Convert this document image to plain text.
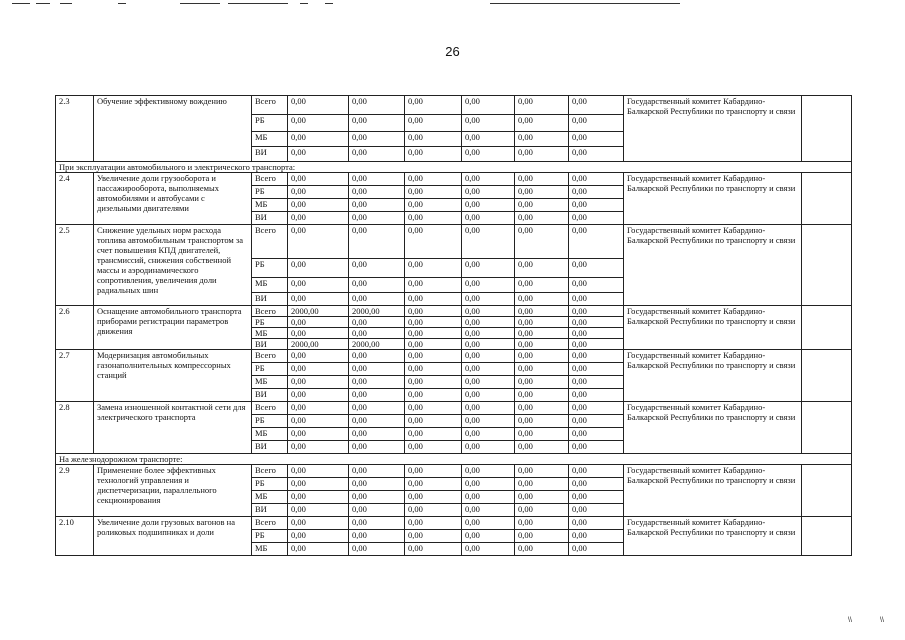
26
2.3	Обучение эффективному вождению	Всего	0,00	0,00	0,00	0,00	0,00	0,00	Государственный комитет Кабардино-Балкарской Республики по транспорту и связи	
		РБ	0,00	0,00	0,00	0,00	0,00	0,00		
		МБ	0,00	0,00	0,00	0,00	0,00	0,00		
		ВИ	0,00	0,00	0,00	0,00	0,00	0,00		
При эксплуатации автомобильного и электрического транспорта:										
2.4	Увеличение доли грузооборота и пассажирооборота, выполняемых автомобилями и автобусами с дизельными двигателями	Всего	0,00	0,00	0,00	0,00	0,00	0,00	Государственный комитет Кабардино-Балкарской Республики по транспорту и связи	
		РБ	0,00	0,00	0,00	0,00	0,00	0,00		
		МБ	0,00	0,00	0,00	0,00	0,00	0,00		
		ВИ	0,00	0,00	0,00	0,00	0,00	0,00		
2.5	Снижение удельных норм расхода топлива автомобильным транспортом за счет повышения КПД двигателей, трансмиссий, снижения собственной массы и аэродинамического сопротивления, увеличения доли радиальных шин	Всего	0,00	0,00	0,00	0,00	0,00	0,00	Государственный комитет Кабардино-Балкарской Республики по транспорту и связи	
		РБ	0,00	0,00	0,00	0,00	0,00	0,00		
		МБ	0,00	0,00	0,00	0,00	0,00	0,00		
		ВИ	0,00	0,00	0,00	0,00	0,00	0,00		
2.6	Оснащение автомобильного транспорта приборами регистрации параметров движения	Всего	2000,00	2000,00	0,00	0,00	0,00	0,00	Государственный комитет Кабардино-Балкарской Республики по транспорту и связи	
		РБ	0,00	0,00	0,00	0,00	0,00	0,00		
		МБ	0,00	0,00	0,00	0,00	0,00	0,00		
		ВИ	2000,00	2000,00	0,00	0,00	0,00	0,00		
2.7	Модернизация автомобильных газонаполнительных компрессорных станций	Всего	0,00	0,00	0,00	0,00	0,00	0,00	Государственный комитет Кабардино-Балкарской Республики по транспорту и связи	
		РБ	0,00	0,00	0,00	0,00	0,00	0,00		
		МБ	0,00	0,00	0,00	0,00	0,00	0,00		
		ВИ	0,00	0,00	0,00	0,00	0,00	0,00		
2.8	Замена изношенной контактной сети для электрического транспорта	Всего	0,00	0,00	0,00	0,00	0,00	0,00	Государственный комитет Кабардино-Балкарской Республики по транспорту и связи	
		РБ	0,00	0,00	0,00	0,00	0,00	0,00		
		МБ	0,00	0,00	0,00	0,00	0,00	0,00		
		ВИ	0,00	0,00	0,00	0,00	0,00	0,00		
На железнодорожном транспорте:										
2.9	Применение более эффективных технологий управления и диспетчеризации, параллельного секционирования	Всего	0,00	0,00	0,00	0,00	0,00	0,00	Государственный комитет Кабардино-Балкарской Республики по транспорту и связи	
		РБ	0,00	0,00	0,00	0,00	0,00	0,00		
		МБ	0,00	0,00	0,00	0,00	0,00	0,00		
		ВИ	0,00	0,00	0,00	0,00	0,00	0,00		
2.10	Увеличение доли грузовых вагонов на роликовых подшипниках и доли	Всего	0,00	0,00	0,00	0,00	0,00	0,00	Государственный комитет Кабардино-Балкарской Республики по транспорту и связи	
		РБ	0,00	0,00	0,00	0,00	0,00	0,00		
		МБ	0,00	0,00	0,00	0,00	0,00	0,00		
\\	\\
